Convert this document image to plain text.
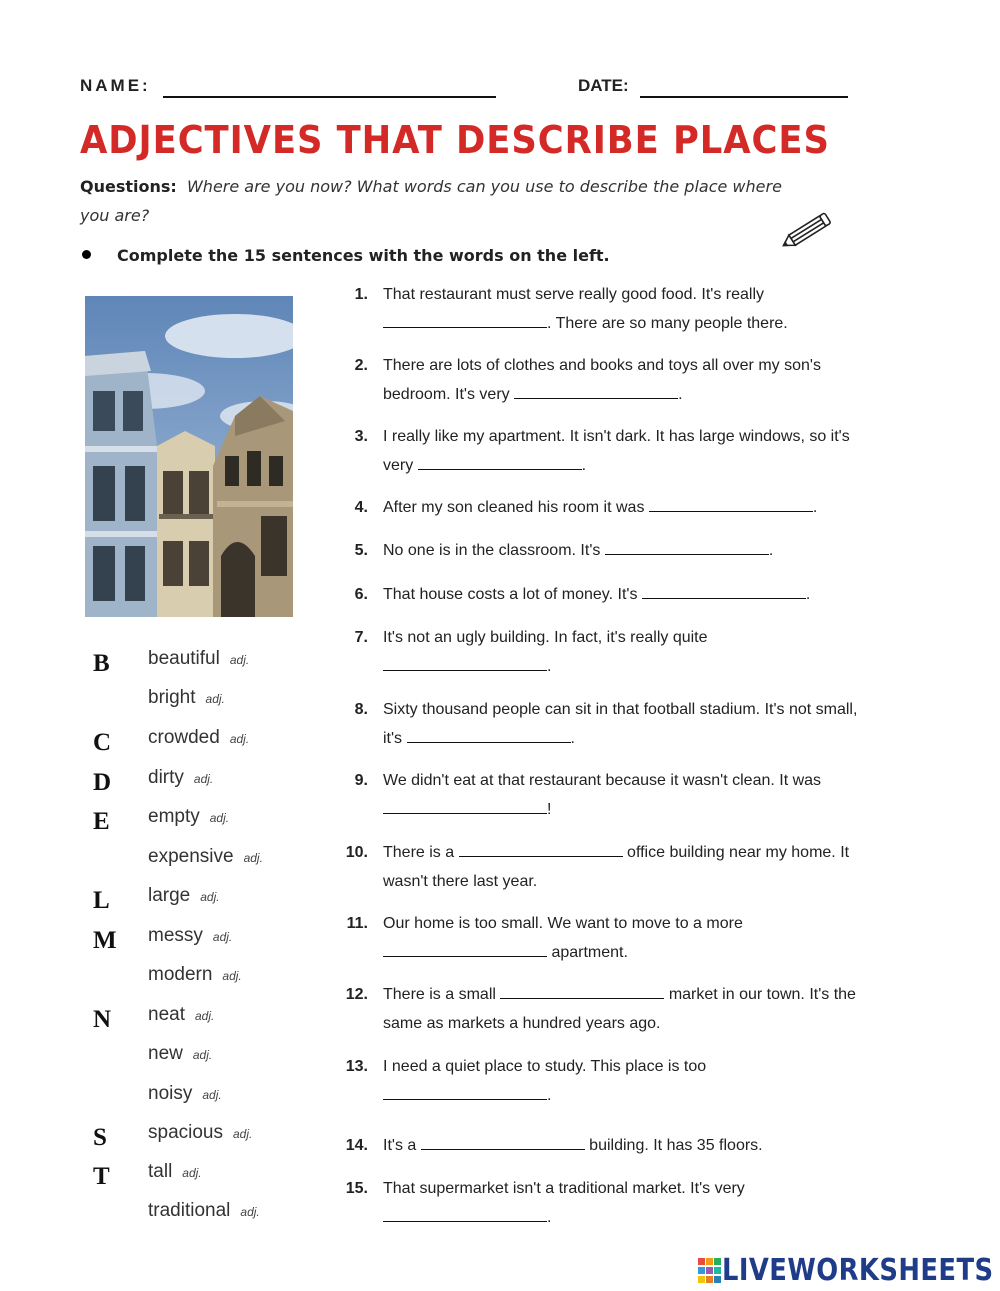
NAME:	DATE:
ADJECTIVES THAT DESCRIBE PLACES
Questions: Where are you now? What words can you use to describe the place where you are?
Complete the 15 sentences with the words on the left.
B beautiful adj.
bright adj.
C crowded adj.
D dirty adj.
E empty adj.
expensive adj.
L large adj.
M messy adj.
modern adj.
N neat adj.
new adj.
noisy adj.
S spacious adj.
T tall adj.
traditional adj.
1. That restaurant must serve really good food. It's really . There are so many people there.
2. There are lots of clothes and books and toys all over my son's bedroom. It's very	.
3. I really like my apartment. It isn't dark. It has large windows, so it's very	.
4. After my son cleaned his room it was	.
5. No one is in the classroom. It's	.
6. That house costs a lot of money. It's	.
7. It's not an ugly building. In fact, it's really quite .
8. Sixty thousand people can sit in that football stadium. It's not small, it's	.
9. We didn't eat at that restaurant because it wasn't clean. It was !
10. There is a	office building near my home. It wasn't there last year.
11. Our home is too small. We want to move to a more  apartment.
12. There is a small	market in our town. It's the same as markets a hundred years ago.
13. I need a quiet place to study. This place is too .
14. It's a	building. It has 35 floors.
15. That supermarket isn't a traditional market. It's very .
LIVEWORKSHEETS
